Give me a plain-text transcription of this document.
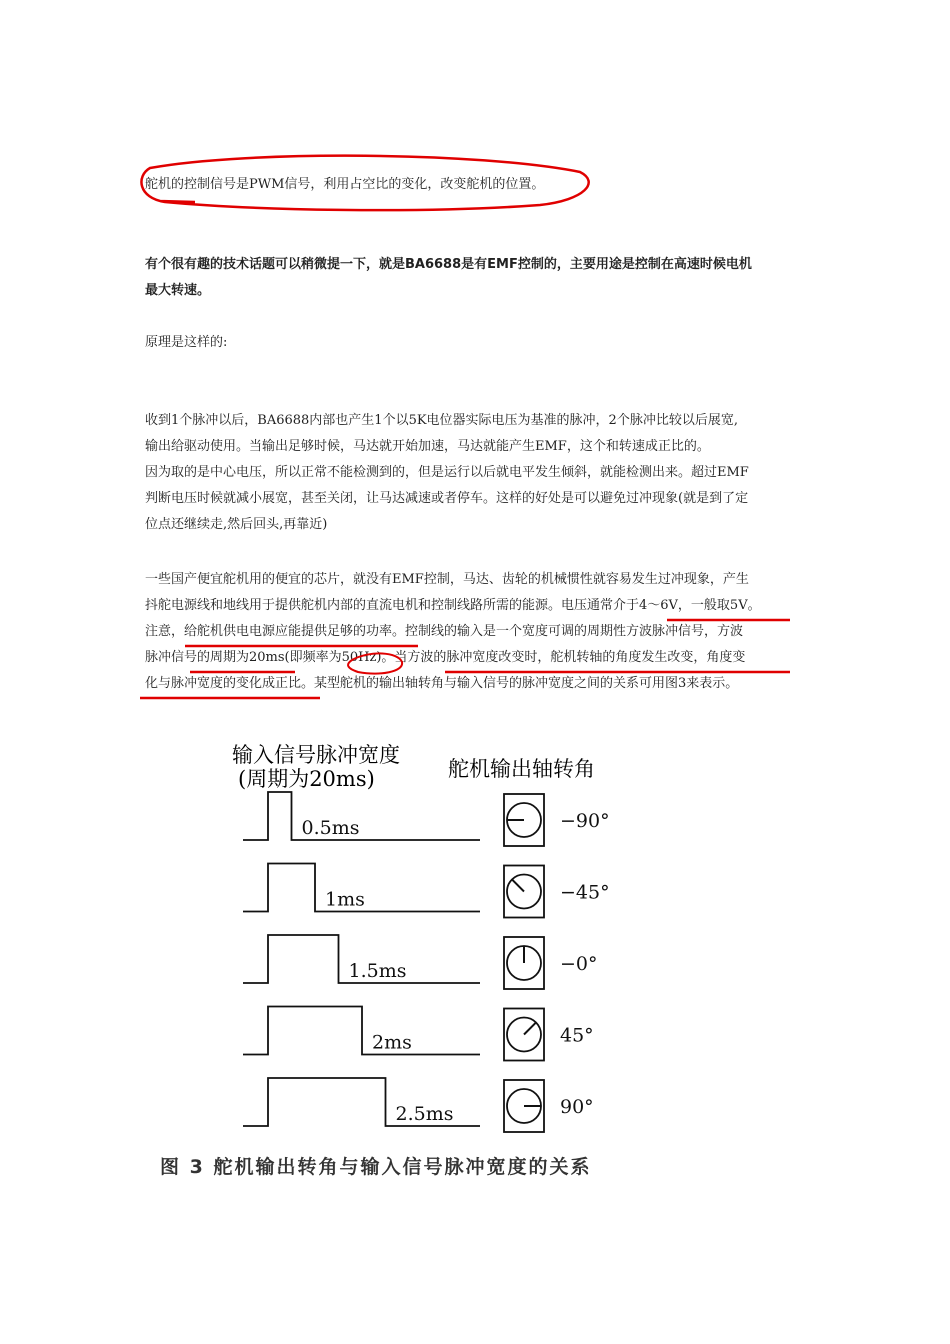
舵机的控制信号是PWM信号，利用占空比的变化，改变舵机的位置。
有个很有趣的技术话题可以稍微提一下，就是BA6688是有EMF控制的，主要用途是控制在高速时候电机
最大转速。
原理是这样的:
收到1个脉冲以后，BA6688内部也产生1个以5K电位器实际电压为基准的脉冲，2个脉冲比较以后展宽,
输出给驱动使用。当输出足够时候，马达就开始加速，马达就能产生EMF，这个和转速成正比的。
因为取的是中心电压，所以正常不能检测到的，但是运行以后就电平发生倾斜，就能检测出来。超过EMF
判断电压时候就减小展宽，甚至关闭，让马达减速或者停车。这样的好处是可以避免过冲现象(就是到了定
位点还继续走,然后回头,再靠近)
一些国产便宜舵机用的便宜的芯片，就没有EMF控制，马达、齿轮的机械惯性就容易发生过冲现象，产生
抖舵电源线和地线用于提供舵机内部的直流电机和控制线路所需的能源。电压通常介于4～6V，一般取5V。
注意，给舵机供电电源应能提供足够的功率。控制线的输入是一个宽度可调的周期性方波脉冲信号，方波
脉冲信号的周期为20ms(即频率为50Hz)。当方波的脉冲宽度改变时，舵机转轴的角度发生改变，角度变
化与脉冲宽度的变化成正比。某型舵机的输出轴转角与输入信号的脉冲宽度之间的关系可用图3来表示。
输入信号脉冲宽度
(周期为20ms)	舵机输出轴转角
0.5ms	−90°
1ms	−45°
1.5ms	−0°
2ms	45°
2.5ms	90°
图 3 舵机输出转角与输入信号脉冲宽度的关系
